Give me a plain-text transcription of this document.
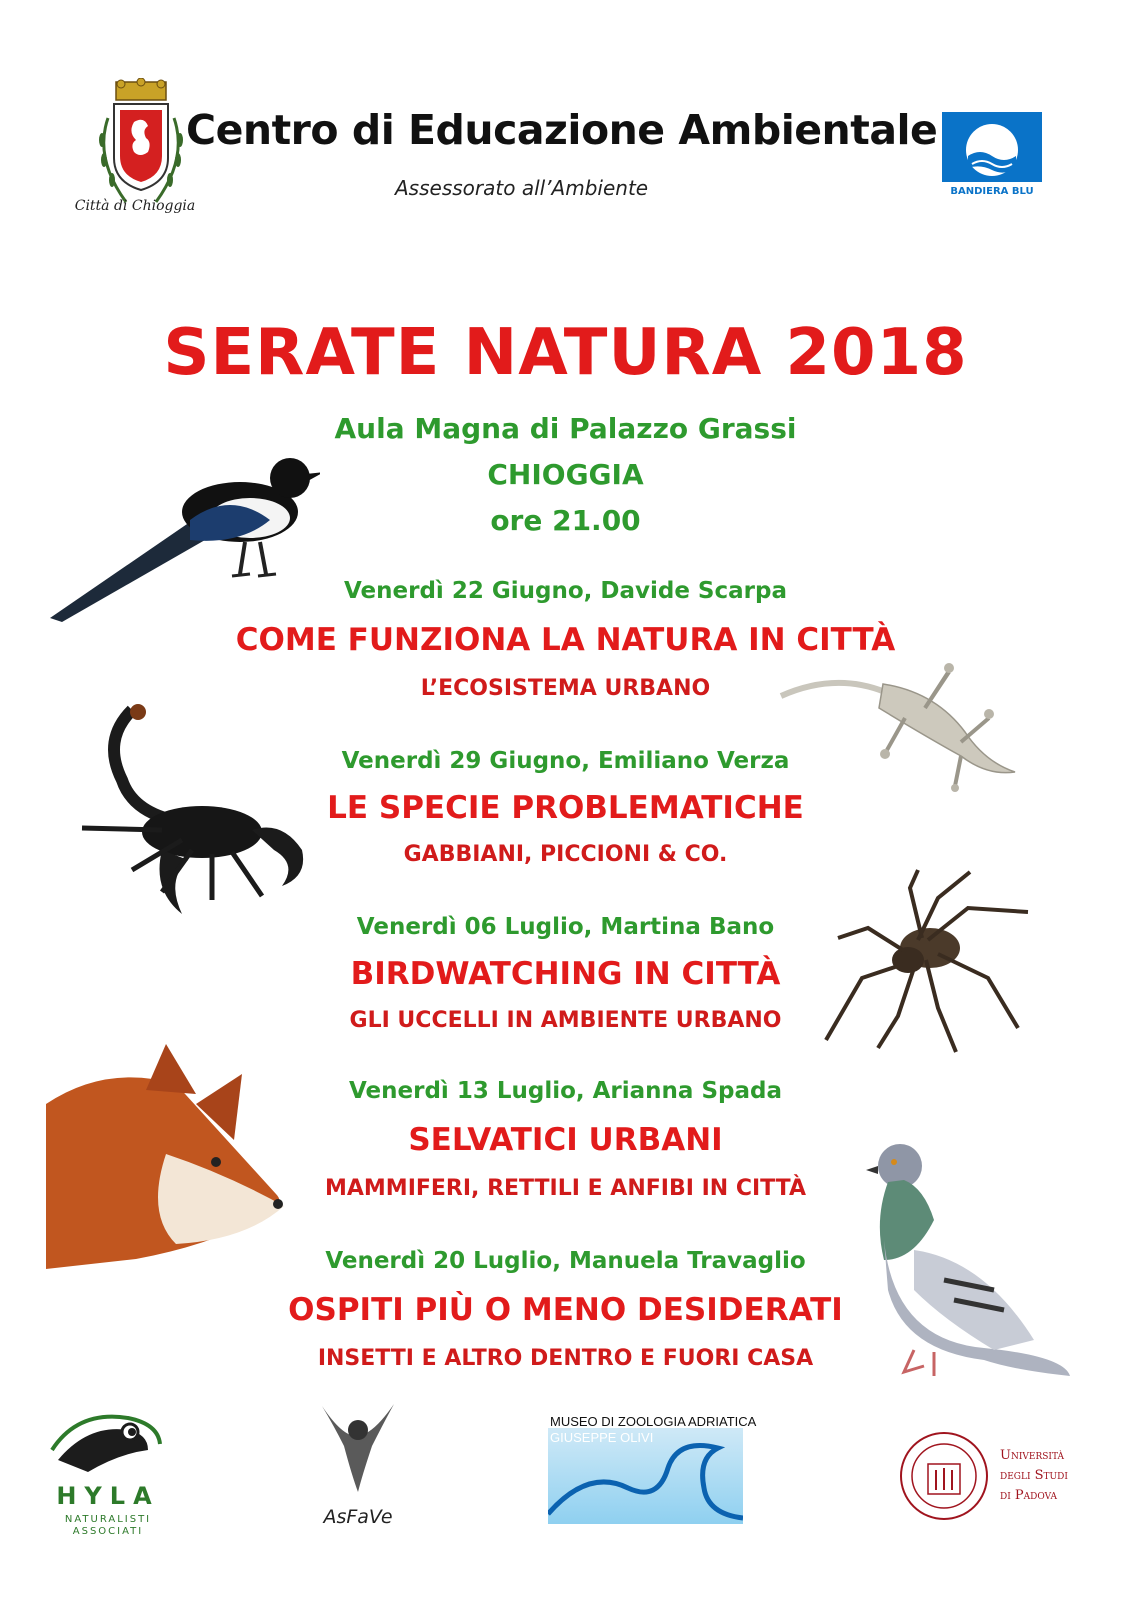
Città di Chioggia
Centro di Educazione Ambientale
Assessorato all’Ambiente	BANDIERA BLU
SERATE NATURA 2018
Aula Magna di Palazzo Grassi
CHIOGGIA
ore 21.00
Venerdì 22 Giugno, Davide Scarpa
COME FUNZIONA LA NATURA IN CITTÀ
L’ECOSISTEMA URBANO
Venerdì 29 Giugno, Emiliano Verza
LE SPECIE PROBLEMATICHE
GABBIANI, PICCIONI & CO.
Venerdì 06 Luglio, Martina Bano
BIRDWATCHING IN CITTÀ
GLI UCCELLI IN AMBIENTE URBANO
Venerdì 13 Luglio, Arianna Spada
SELVATICI URBANI
MAMMIFERI, RETTILI E ANFIBI IN CITTÀ
Venerdì 20 Luglio, Manuela Travaglio
OSPITI PIÙ O MENO DESIDERATI
INSETTI E ALTRO DENTRO E FUORI CASA
HYLA
NATURALISTI
ASSOCIATI
AsFaVe
MUSEO DI ZOOLOGIA ADRIATICA
GIUSEPPE OLIVI
Università
degli Studi
di Padova
